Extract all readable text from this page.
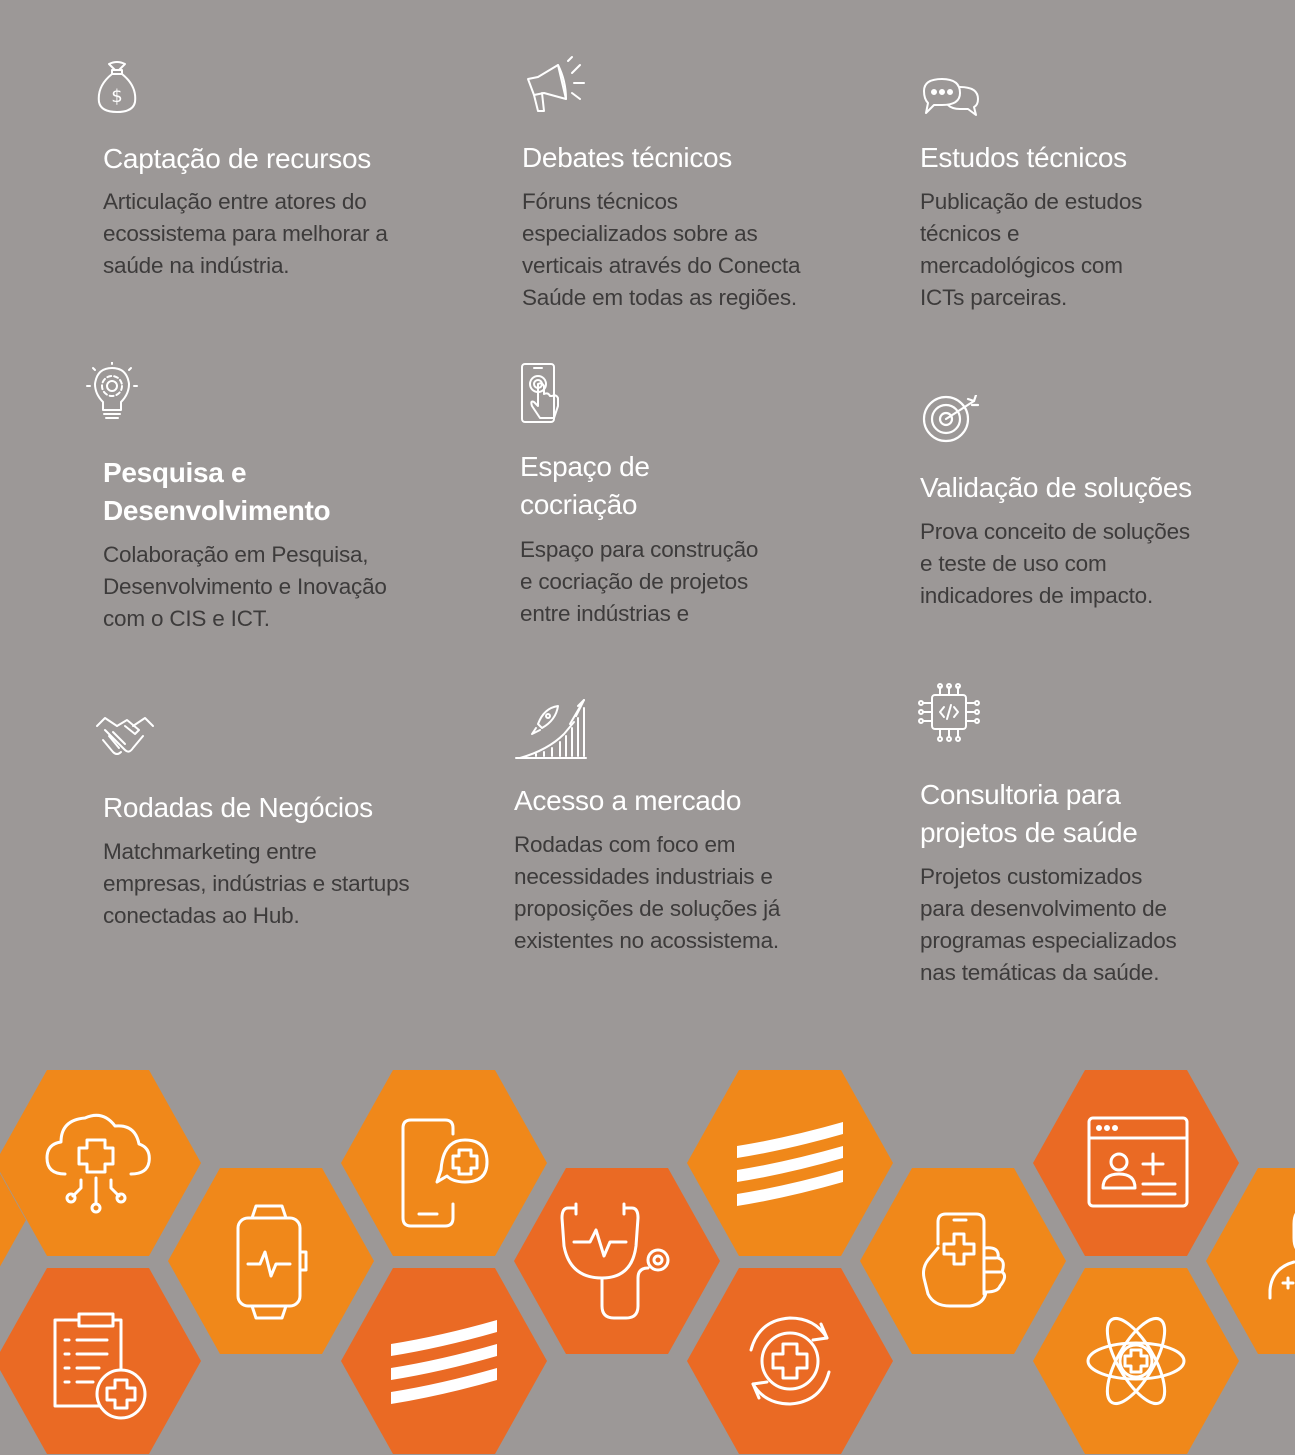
$
Captação de recursos

Articulação entre atores do
ecossistema para melhorar a
saúde na indústria.

Debates técnicos

Fóruns técnicos
especializados sobre as
verticais através do Conecta
Saúde em todas as regiões.

Estudos técnicos

Publicação de estudos
técnicos e
mercadológicos com
ICTs parceiras.

Pesquisa e
Desenvolvimento

Colaboração em Pesquisa,
Desenvolvimento e Inovação
com o CIS e ICT.

Espaço de
cocriação

Espaço para construção
e cocriação de projetos
entre indústrias e

Validação de soluções

Prova conceito de soluções
e teste de uso com
indicadores de impacto.

Rodadas de Negócios

Matchmarketing entre
empresas, indústrias e startups
conectadas ao Hub.

Acesso a mercado

Rodadas com foco em
necessidades industriais e
proposições de soluções já
existentes no acossistema.

Consultoria para
projetos de saúde

Projetos customizados
para desenvolvimento de
programas especializados
nas temáticas da saúde.
